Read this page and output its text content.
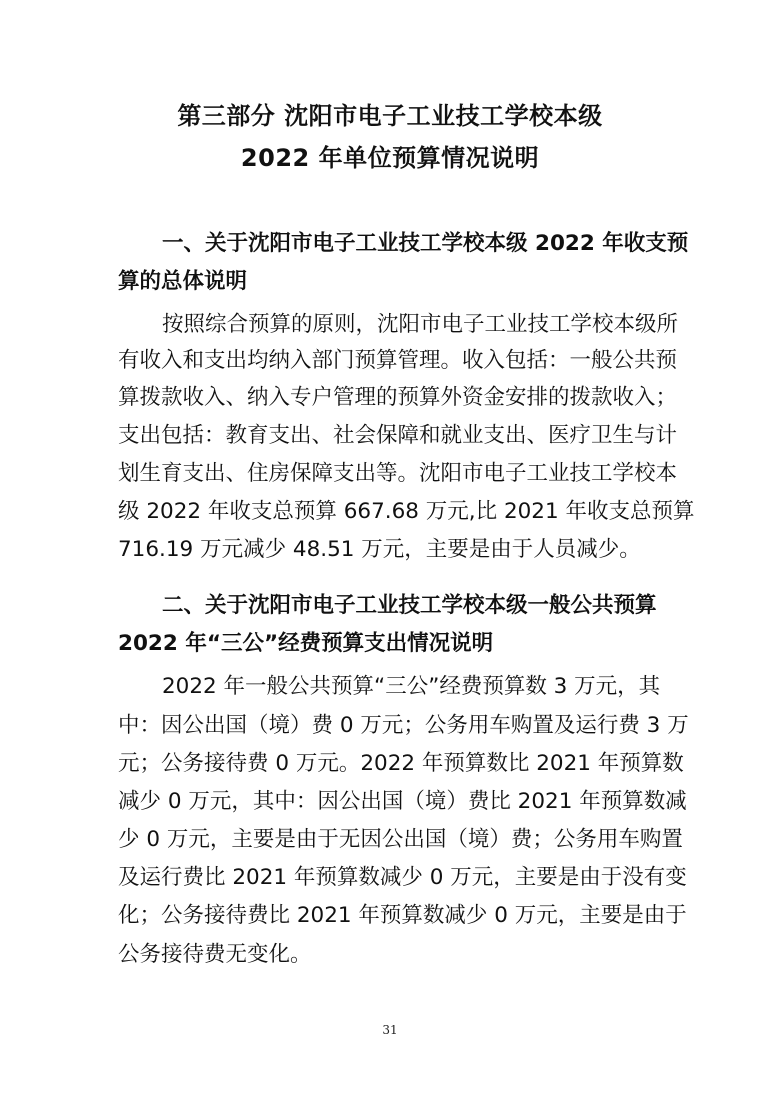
第三部分 沈阳市电子工业技工学校本级
2022 年单位预算情况说明
一、关于沈阳市电子工业技工学校本级 2022 年收支预
算的总体说明
按照综合预算的原则，沈阳市电子工业技工学校本级所
有收入和支出均纳入部门预算管理。收入包括：一般公共预
算拨款收入、纳入专户管理的预算外资金安排的拨款收入；
支出包括：教育支出、社会保障和就业支出、医疗卫生与计
划生育支出、住房保障支出等。沈阳市电子工业技工学校本
级 2022 年收支总预算 667.68 万元,比 2021 年收支总预算
716.19 万元减少 48.51 万元，主要是由于人员减少。
二、关于沈阳市电子工业技工学校本级一般公共预算
2022 年“三公”经费预算支出情况说明
2022 年一般公共预算“三公”经费预算数 3 万元，其
中：因公出国（境）费 0 万元；公务用车购置及运行费 3 万
元；公务接待费 0 万元。2022 年预算数比 2021 年预算数
减少 0 万元，其中：因公出国（境）费比 2021 年预算数减
少 0 万元，主要是由于无因公出国（境）费；公务用车购置
及运行费比 2021 年预算数减少 0 万元，主要是由于没有变
化；公务接待费比 2021 年预算数减少 0 万元，主要是由于
公务接待费无变化。
31
